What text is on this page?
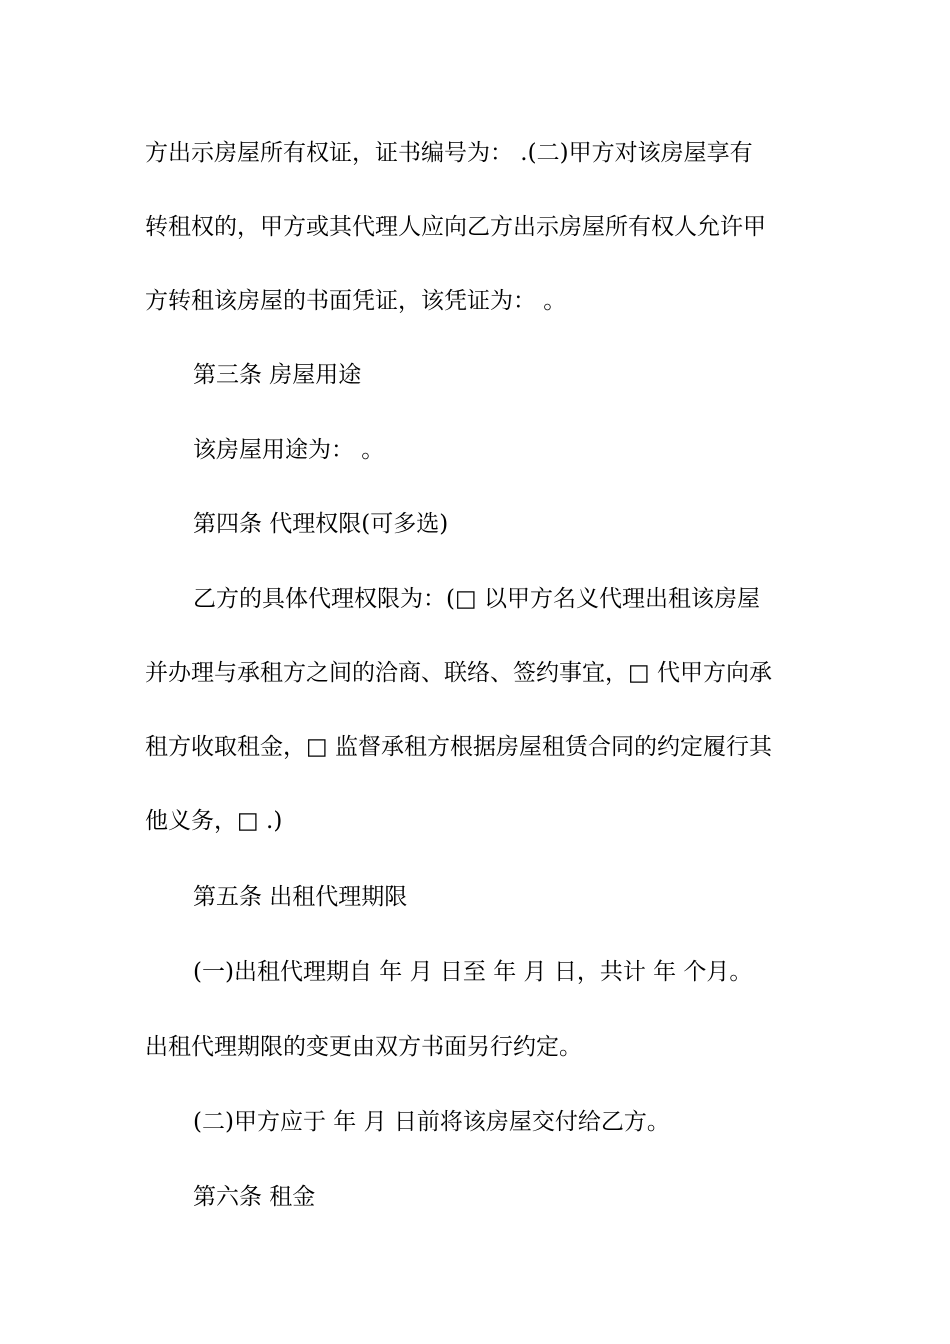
方出示房屋所有权证，证书编号为： .(二)甲方对该房屋享有
转租权的，甲方或其代理人应向乙方出示房屋所有权人允许甲
方转租该房屋的书面凭证，该凭证为： 。
第三条 房屋用途
该房屋用途为： 。
第四条 代理权限(可多选)
乙方的具体代理权限为：(□ 以甲方名义代理出租该房屋
并办理与承租方之间的洽商、联络、签约事宜，□ 代甲方向承
租方收取租金，□ 监督承租方根据房屋租赁合同的约定履行其
他义务，□ .)
第五条 出租代理期限
(一)出租代理期自 年 月 日至 年 月 日，共计 年 个月。
出租代理期限的变更由双方书面另行约定。
(二)甲方应于 年 月 日前将该房屋交付给乙方。
第六条 租金
